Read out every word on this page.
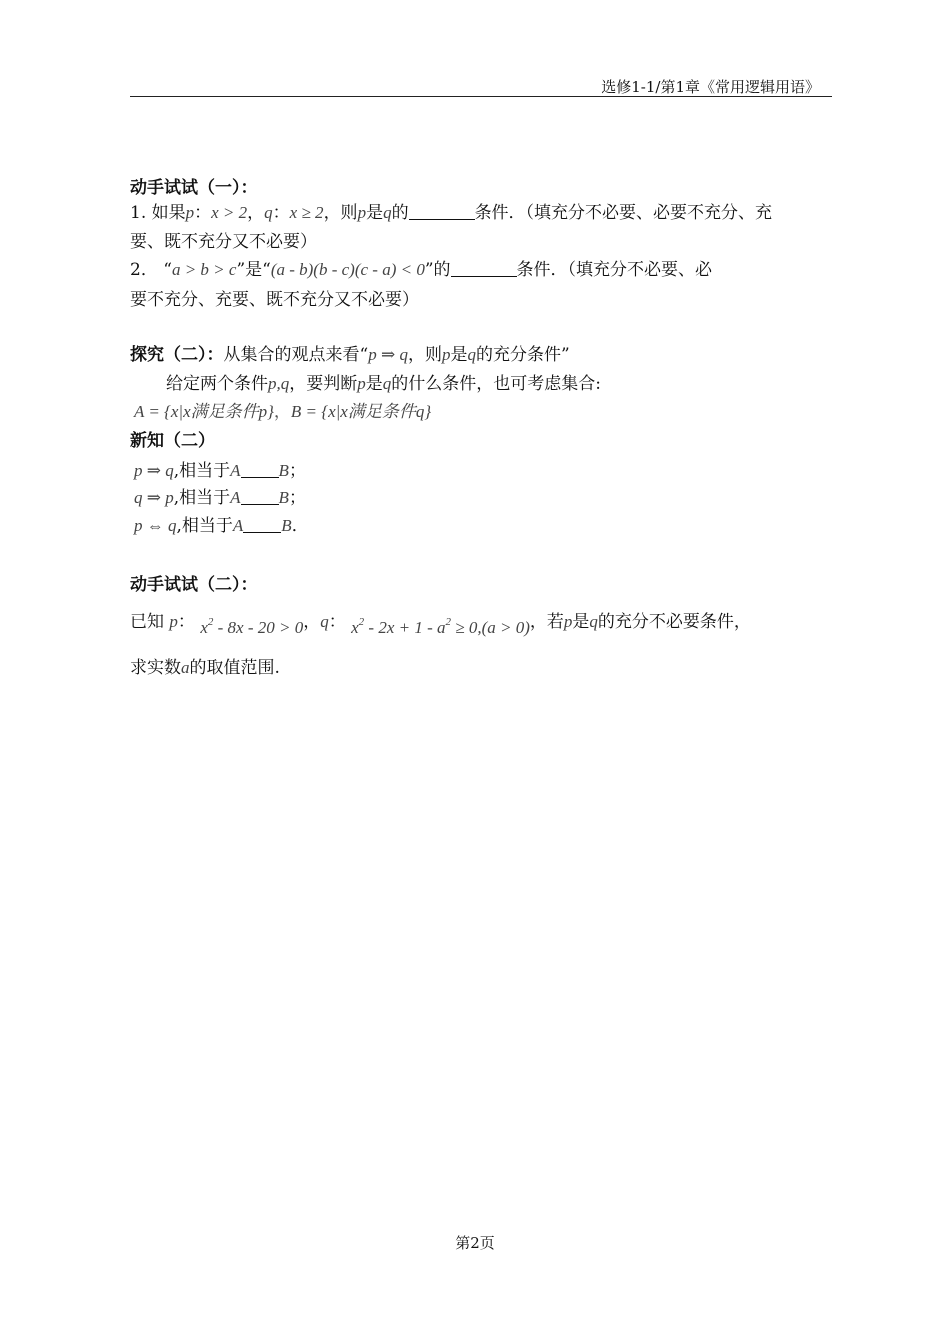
选修1-1/第1章《常用逻辑用语》
动手试试（一）：
1. 如果p：x > 2，q：x ≥ 2，则p是q的	条件．（填充分不必要、必要不充分、充
要、既不充分又不必要）
2． “a > b > c”是“(a - b)(b - c)(c - a) < 0”的	条件．（填充分不必要、必
要不充分、充要、既不充分又不必要）
探究（二）：从集合的观点来看“p ⇒ q，则p是q的充分条件”
给定两个条件p,q，要判断p是q的什么条件，也可考虑集合:
A = {x|x满足条件p}，B = {x|x满足条件q}
新知（二）
p ⇒ q,相当于A B；
q ⇒ p,相当于A B；
p ⇔ q,相当于A B．
动手试试（二）：
已知 p： $x^2 - 8x - 20 > 0$，q： $x^2 - 2x + 1 - a^2 \ge 0,(a > 0)$，若p是q的充分不必要条件，
求实数a的取值范围.
第2页
